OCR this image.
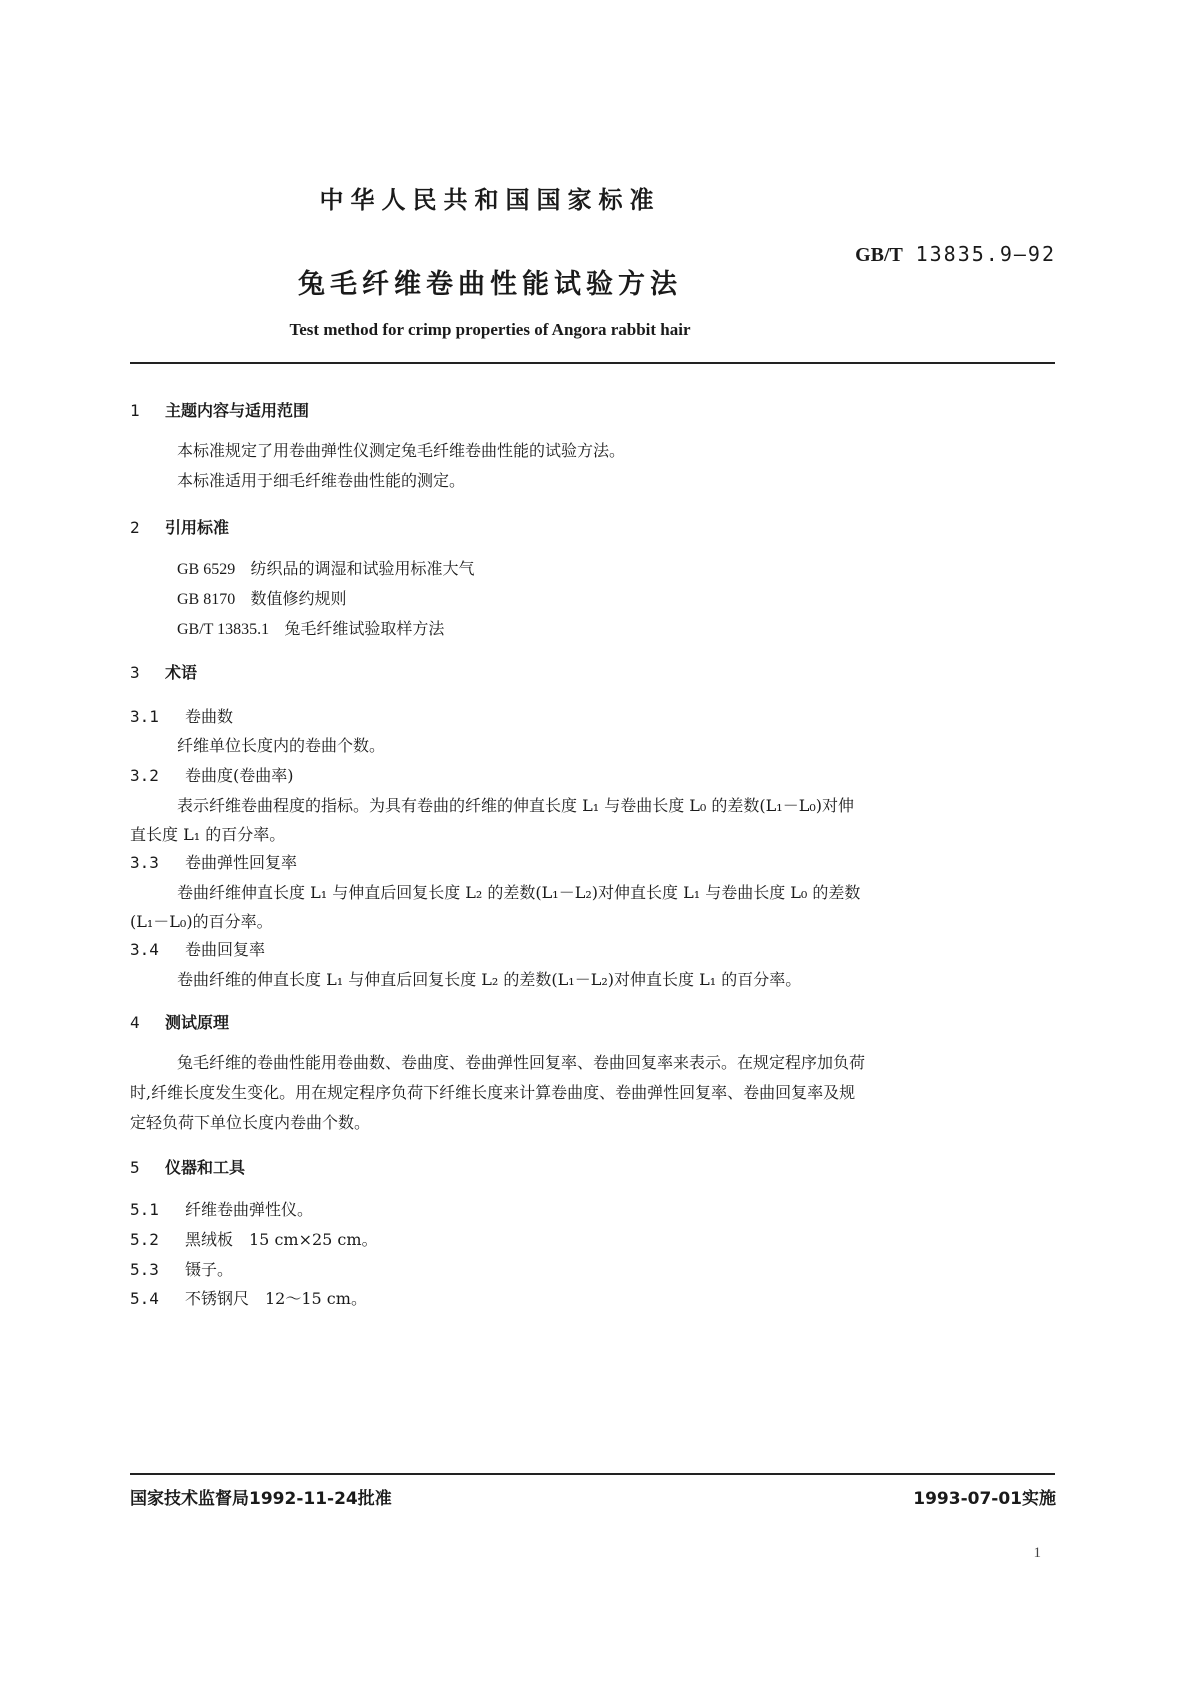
中华人民共和国国家标准
GB/T 13835.9—92
兔毛纤维卷曲性能试验方法
Test method for crimp properties of Angora rabbit hair
1 主题内容与适用范围
本标准规定了用卷曲弹性仪测定兔毛纤维卷曲性能的试验方法。
本标准适用于细毛纤维卷曲性能的测定。
2 引用标准
GB 6529 纺织品的调湿和试验用标准大气
GB 8170 数值修约规则
GB/T 13835.1 兔毛纤维试验取样方法
3 术语
3.1 卷曲数
纤维单位长度内的卷曲个数。
3.2 卷曲度(卷曲率)
表示纤维卷曲程度的指标。为具有卷曲的纤维的伸直长度 L₁ 与卷曲长度 L₀ 的差数(L₁－L₀)对伸
直长度 L₁ 的百分率。
3.3 卷曲弹性回复率
卷曲纤维伸直长度 L₁ 与伸直后回复长度 L₂ 的差数(L₁－L₂)对伸直长度 L₁ 与卷曲长度 L₀ 的差数
(L₁－L₀)的百分率。
3.4 卷曲回复率
卷曲纤维的伸直长度 L₁ 与伸直后回复长度 L₂ 的差数(L₁－L₂)对伸直长度 L₁ 的百分率。
4 测试原理
兔毛纤维的卷曲性能用卷曲数、卷曲度、卷曲弹性回复率、卷曲回复率来表示。在规定程序加负荷
时,纤维长度发生变化。用在规定程序负荷下纤维长度来计算卷曲度、卷曲弹性回复率、卷曲回复率及规
定轻负荷下单位长度内卷曲个数。
5 仪器和工具
5.1 纤维卷曲弹性仪。
5.2 黑绒板　15 cm×25 cm。
5.3 镊子。
5.4 不锈钢尺　12～15 cm。
国家技术监督局1992-11-24批准	1993-07-01实施
1
